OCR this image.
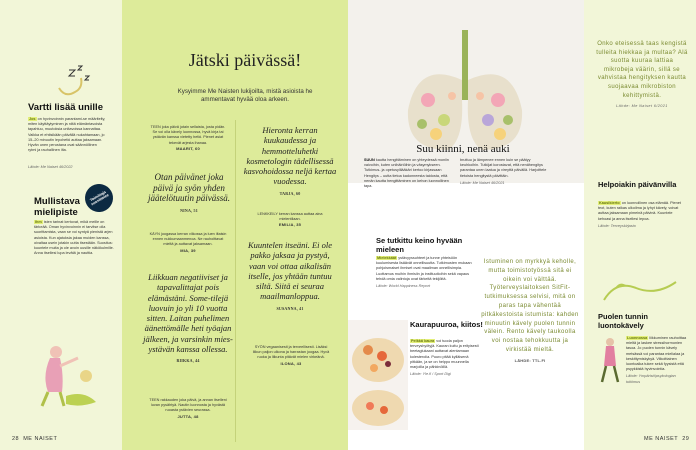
Vartti lisää unille
Jos on hyvinvoinnin parantami-se määritelty, miten käyttäytyminen ja niitä elämäntavoista tapahtuu, muutoksia unitavoissa kannattaa. Vaikka et ehtisikään päivällä nukahtamaan, jo 15–20 minuutin lepohetki auttaa jaksamaan. Hyvän unen perustana ovat säännöllinen rytmi ja rauhallinen ilta.
Lähde: Me Naiset 46/2022
Mullistava mielipiste
Toimittaja suosittelee
Ihm isten tarinat kertovat, mikä meille on tärkeää. Oman hyvinvoinnin ei tarvitse olla suorittamista, vaan se voi syntyä pienistä arjen asioista. Kun ajatuksia jakaa muiden kanssa, oivaltaa usein jotakin uutta itsestään. Suositus: kuuntele muita ja ole avoin uusille näkökulmille. Anna itsellesi lupa levätä ja nauttia.
Jätski päivässä!
Kysyimme Me Naisten lukijoilta, mistä asioista he ammentavat hyvää oloa arkeen.
TEEN joka päivä jotain sellaista, josta pidän. Se voi olla kävely luonnossa, hyvä kirja tai ystävän kanssa vietetty hetki. Pienet asiat tekevät arjesta ihanaa.
MAARIT, 60
Otan päivänet joka päivä ja syön yhden jäätelötuutin päivässä.
NINA, 51
KÄYN joogassa kerran viikossa ja luen iltaisin ennen nukkumaanmenoa. Ne rauhoittavat mieltä ja auttavat jaksamaan.
MIA, 39
Liikkuan negatiiviset ja tapavalittajat pois elämästäni. Some-tilejä luovuin jo yli 10 vuotta sitten. Laitan puhelimen äänettömälle heti työajan jälkeen, ja varsinkin mies-ystävän kanssa ollessa.
RIIKKA, 44
TEEN rakkauden joka päivä, ja annan itselleni luvan pysähtyä. Nautin luonnosta ja hyvästä ruoasta ystävien seurassa.
JUTTA, 48
Hieronta kerran kuukaudessa ja hemmotteluhetki kosmetologin tädellisessä kasvohoidossa neljä kertaa vuodessa.
TARJA, 60
LENKKEILY kerran kanssa auttaa aina mielentilaan.
EMILIA, 35
Kuuntelen itseäni. Ei ole pakko jaksaa ja pystyä, vaan voi ottaa aikalisän itselle, jos yhtään tuntuu siltä. Siitä ei seuraa maailmanloppua.
SUSANNA, 41
SYÖN vegaanisesti ja terveellisesti. Lisäksi liikun paljon ulkona ja harrastan joogaa. Hyvä ruoka ja liikunta pitävät mielen virkeänä.
ILONA, 43
Suu kiinni, nenä auki
SUUN kautta hengittäminen on yhteydessä moniin vaivoihin, kuten unihäiriöihin ja väsymykseen. Tutkimus- ja opetusylilääkäri kertoo kirjassaan Hengitys – uutta tietoa kadonneesta taidosta, että nenän kautta hengittäminen on kehon luonnollinen tapa.
bruttuu ja lämpenee ennen kuin se päätyy keuhkoihin. Tutkijat korostavat, että nenähengitys parantaa unen laatua ja vireyttä päivällä. Harjoittele tietoista hengitystä päivittäin.
Lähde: Me Naiset 46/2021
Se tutkittu keino hyvään mieleen
Mielekkäät ystävyyssuhteet ja tunne yhteisöön kuulumisesta lisäävät onnellisuutta. Tutkimusten mukaan pohjoismaiset ihmiset ovat maailman onnellisimpia. Luottamus muihin ihmisiin ja instituutioihin sekä vapaus tehdä omia valintoja ovat tärkeitä tekijöitä.
Lähde: World Happiness Report
Istuminen on myrkkyä keholle, mutta toimistotyössä sitä ei oikein voi välttää. Työterveyslaitoksen SitFit-tutkimuksessa selvisi, mitä on paras tapa vähentää pitkäkestoista istumista: kahden minuutin kävely puolen tunnin välein. Rento kävely taukoolla voi nostaa tehokkuutta ja virkistää mieltä.
LÄHDE: TTL.FI
Kaurapuuroa, kiitos!
Pelkkä kaura voi tuoda paljon terveyshyötyjä. Kauran kuitu ja erityisesti beetaglukaani auttavat alentamaan kolesterolia. Puuro pitää kylläisenä pitkään, ja se on helppo muunnella marjoilla ja pähkinöillä.
Lähde: Yle.fi / Sport Digi
Onko eteisessä taas kengistä tulleita hiekkaa ja multaa? Alä suotta kuuraa lattiaa mikrobeja väärin, sillä se vahvistaa hengityksen kautta suojaavaa mikrobiston kehittymistä.
Lähde: Me Naiset 6/2021
Helpoiakin päivänvilla
Kausikierto on luonnollinen osa elämää. Pienet teot, kuten raikas ulkoilma ja lyhyt kävely, voivat auttaa jaksamaan pimeinä päivinä. Kuuntele kehoasi ja anna itsellesi lepoa.
Lähde: Terveyskirjasto
Puolen tunnin luontokävely
Luonnossa liikkuminen rauhoittaa mieltä ja laskee stressihormonien tasoa. Jo puolen tunnin kävely metsässä voi parantaa mielialaa ja keskittymiskykyä. Viikoittainen luontoaika tukee sekä fyysistä että psyykkistä hyvinvointia.
Lähde: Ympäristöpsykologian tutkimus
28 ME NAISET	ME NAISET 29
